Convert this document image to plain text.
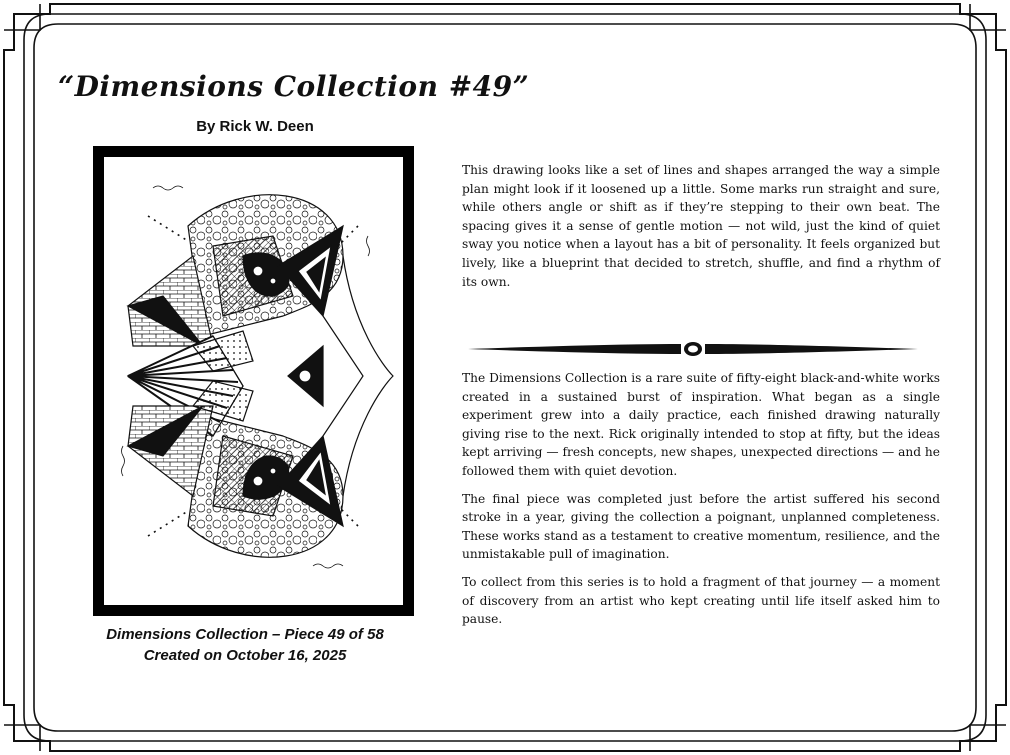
“Dimensions Collection #49”
By Rick W. Deen
Dimensions Collection – Piece 49 of 58
Created on October 16, 2025

This drawing looks like a set of lines and shapes arranged the way a simple plan might look if it loosened up a little. Some marks run straight and sure, while others angle or shift as if they’re stepping to their own beat. The spacing gives it a sense of gentle motion — not wild, just the kind of quiet sway you notice when a layout has a bit of personality. It feels organized but lively, like a blueprint that decided to stretch, shuffle, and find a rhythm of its own.

The Dimensions Collection is a rare suite of fifty-eight black-and-white works created in a sustained burst of inspiration. What began as a single experiment grew into a daily practice, each finished drawing naturally giving rise to the next. Rick originally intended to stop at fifty, but the ideas kept arriving — fresh concepts, new shapes, unexpected directions — and he followed them with quiet devotion.

The final piece was completed just before the artist suffered his second stroke in a year, giving the collection a poignant, unplanned completeness. These works stand as a testament to creative momentum, resilience, and the unmistakable pull of imagination.

To collect from this series is to hold a fragment of that journey — a moment of discovery from an artist who kept creating until life itself asked him to pause.
